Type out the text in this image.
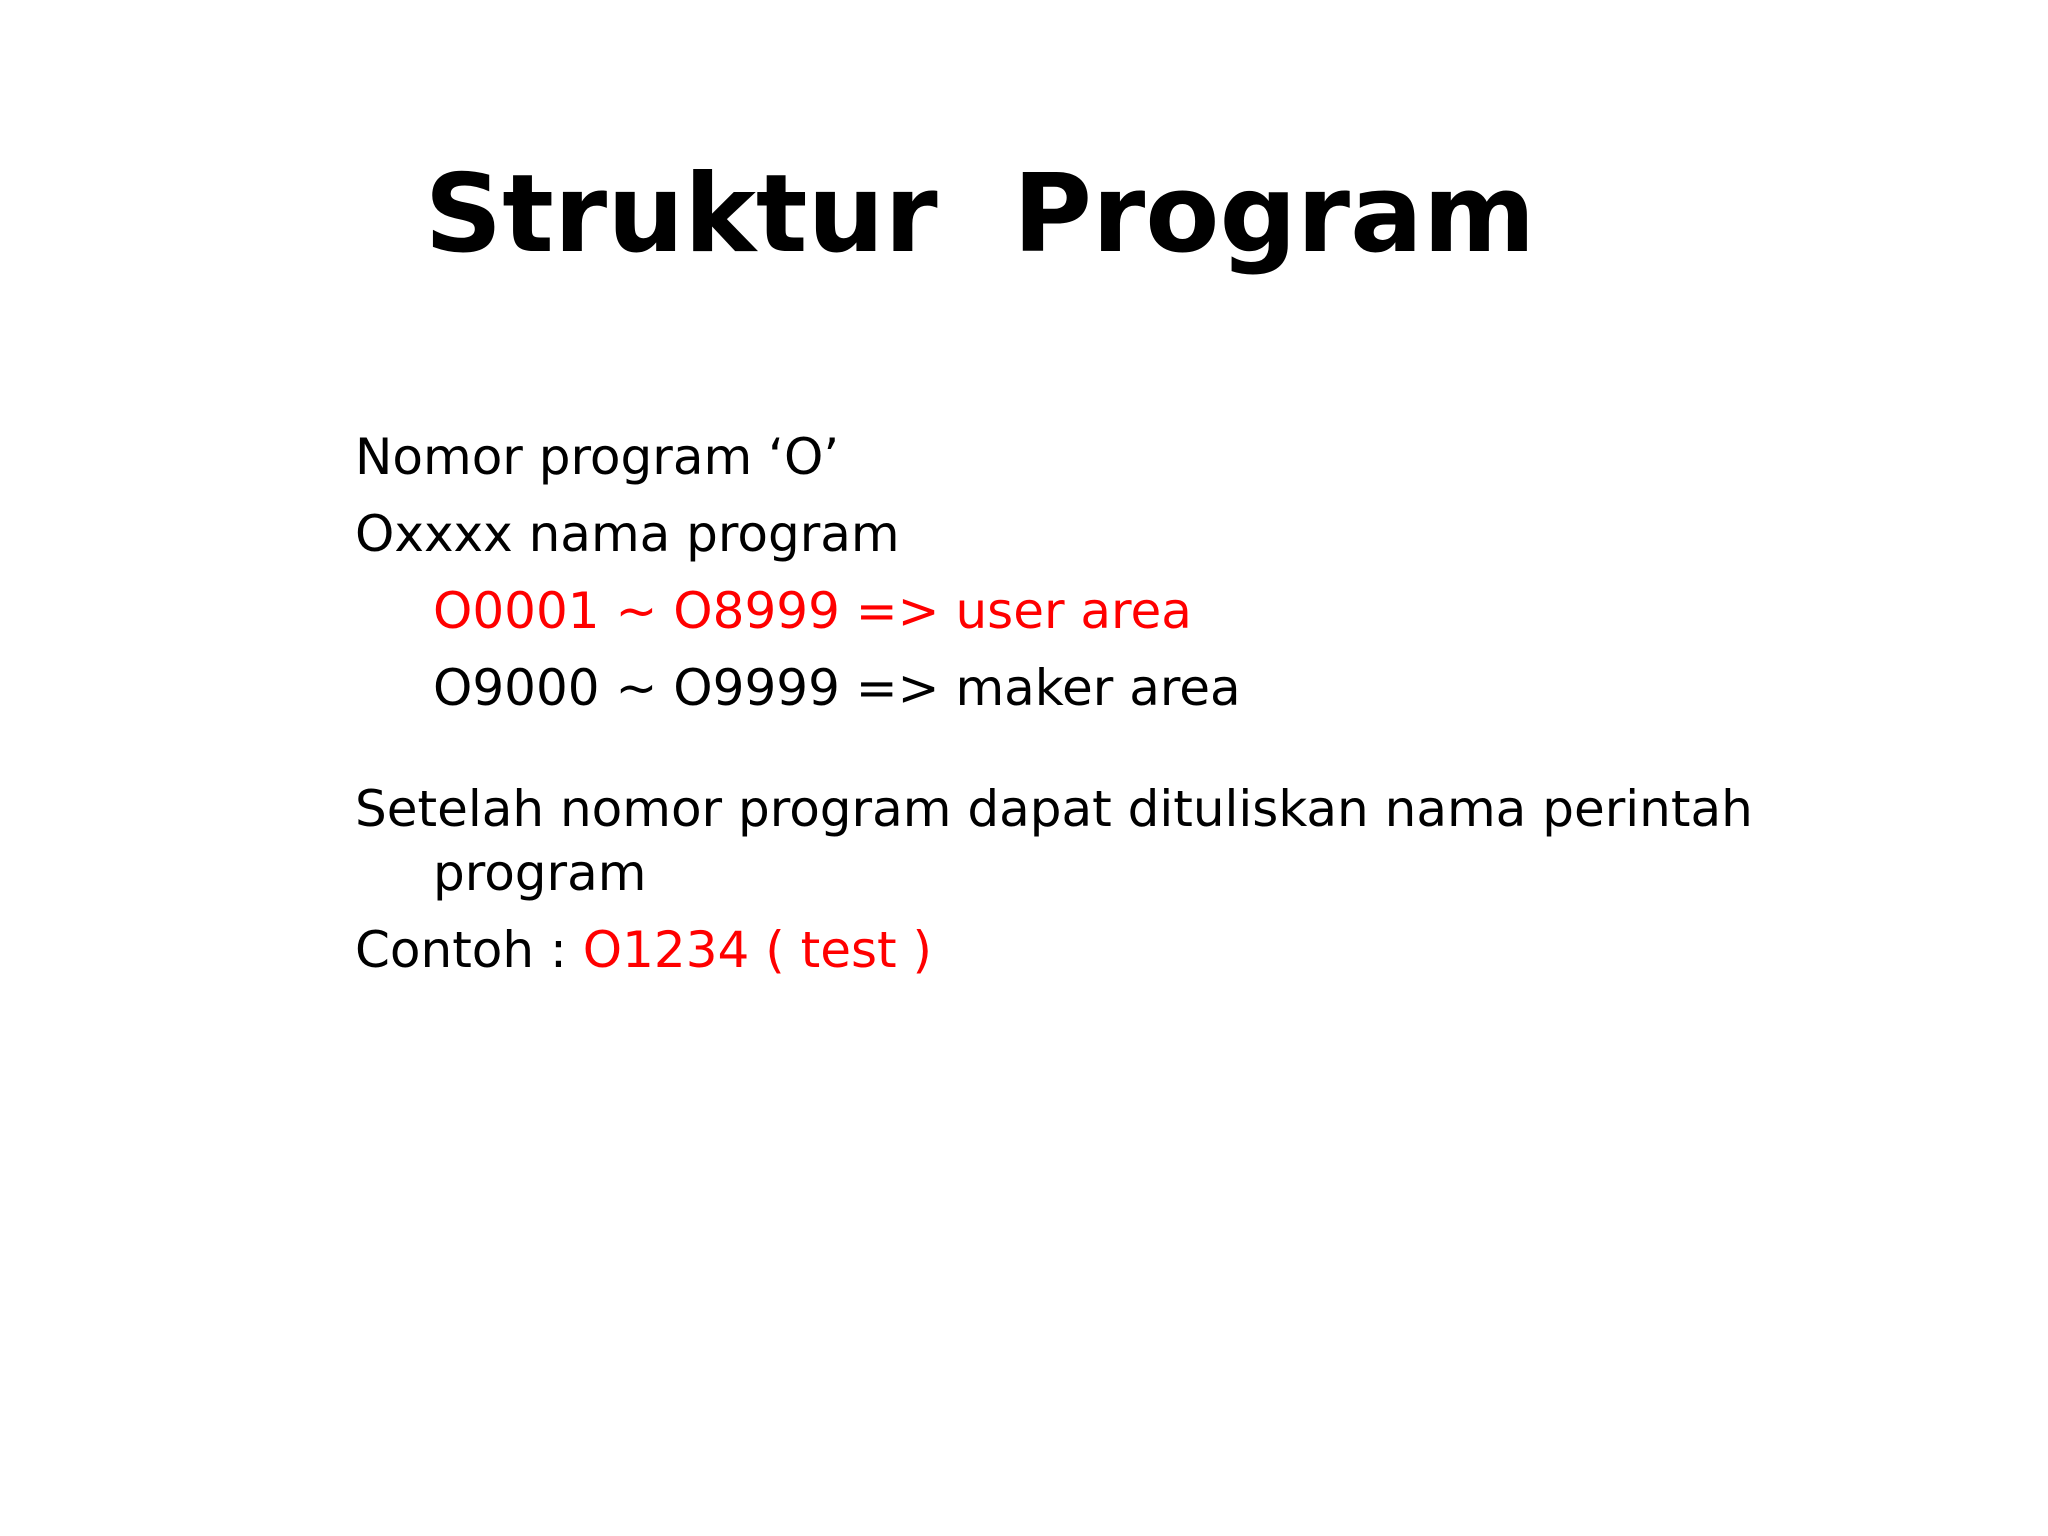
Struktur  Program
Nomor program ‘O’
Oxxxx nama program
O0001 ~ O8999 => user area
O9000 ~ O9999 => maker area
Setelah nomor program dapat dituliskan nama perintah program
Contoh : O1234 ( test )
